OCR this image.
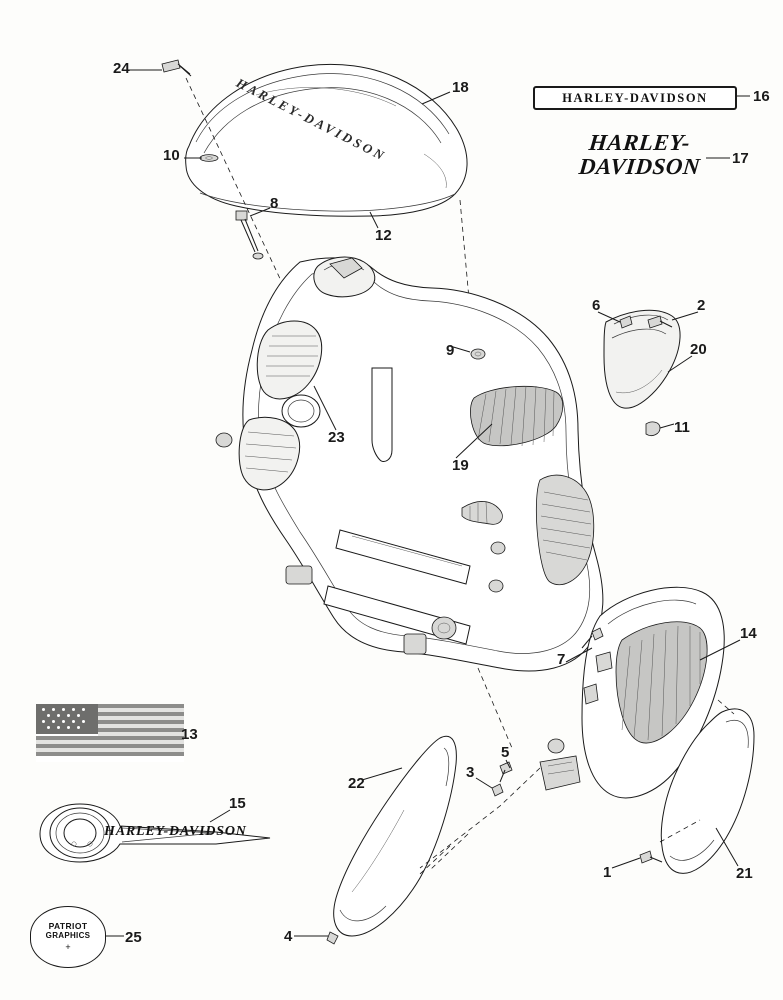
HARLEY-DAVIDSON
HARLEY-
DAVIDSON
HARLEY-DAVIDSON
HARLEY-DAVIDSON
PATRIOT
GRAPHICS
+
24
10
8
18
12
9
23
19
6	2
20
11
7
14
21
1
5
3
4
22
13
15
25
16
17
